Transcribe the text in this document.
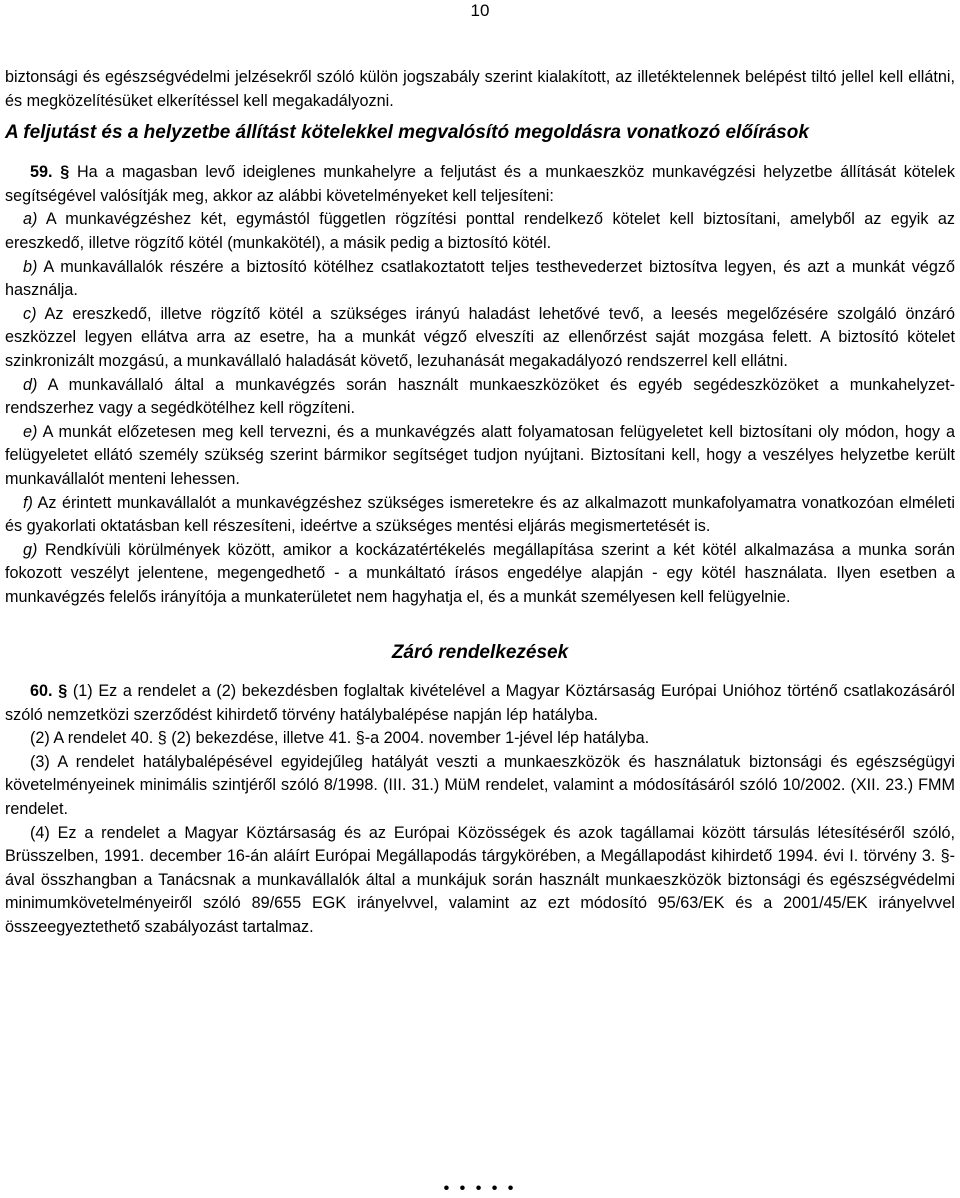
10

biztonsági és egészségvédelmi jelzésekről szóló külön jogszabály szerint kialakított, az illetéktelennek belépést tiltó jellel kell ellátni, és megközelítésüket elkerítéssel kell megakadályozni.

A feljutást és a helyzetbe állítást kötelekkel megvalósító megoldásra vonatkozó előírások

59. § Ha a magasban levő ideiglenes munkahelyre a feljutást és a munkaeszköz munkavégzési helyzetbe állítását kötelek segítségével valósítják meg, akkor az alábbi követelményeket kell teljesíteni:

a) A munkavégzéshez két, egymástól független rögzítési ponttal rendelkező kötelet kell biztosítani, amelyből az egyik az ereszkedő, illetve rögzítő kötél (munkakötél), a másik pedig a biztosító kötél.

b) A munkavállalók részére a biztosító kötélhez csatlakoztatott teljes testhevederzet biztosítva legyen, és azt a munkát végző használja.

c) Az ereszkedő, illetve rögzítő kötél a szükséges irányú haladást lehetővé tevő, a leesés megelőzésére szolgáló önzáró eszközzel legyen ellátva arra az esetre, ha a munkát végző elveszíti az ellenőrzést saját mozgása felett. A biztosító kötelet szinkronizált mozgású, a munkavállaló haladását követő, lezuhanását megakadályozó rendszerrel kell ellátni.

d) A munkavállaló által a munkavégzés során használt munkaeszközöket és egyéb segédeszközöket a munkahelyzet-rendszerhez vagy a segédkötélhez kell rögzíteni.

e) A munkát előzetesen meg kell tervezni, és a munkavégzés alatt folyamatosan felügyeletet kell biztosítani oly módon, hogy a felügyeletet ellátó személy szükség szerint bármikor segítséget tudjon nyújtani. Biztosítani kell, hogy a veszélyes helyzetbe került munkavállalót menteni lehessen.

f) Az érintett munkavállalót a munkavégzéshez szükséges ismeretekre és az alkalmazott munkafolyamatra vonatkozóan elméleti és gyakorlati oktatásban kell részesíteni, ideértve a szükséges mentési eljárás megismertetését is.

g) Rendkívüli körülmények között, amikor a kockázatértékelés megállapítása szerint a két kötél alkalmazása a munka során fokozott veszélyt jelentene, megengedhető - a munkáltató írásos engedélye alapján - egy kötél használata. Ilyen esetben a munkavégzés felelős irányítója a munkaterületet nem hagyhatja el, és a munkát személyesen kell felügyelnie.

Záró rendelkezések

60. § (1) Ez a rendelet a (2) bekezdésben foglaltak kivételével a Magyar Köztársaság Európai Unióhoz történő csatlakozásáról szóló nemzetközi szerződést kihirdető törvény hatálybalépése napján lép hatályba.

(2) A rendelet 40. § (2) bekezdése, illetve 41. §-a 2004. november 1-jével lép hatályba.

(3) A rendelet hatálybalépésével egyidejűleg hatályát veszti a munkaeszközök és használatuk biztonsági és egészségügyi követelményeinek minimális szintjéről szóló 8/1998. (III. 31.) MüM rendelet, valamint a módosításáról szóló 10/2002. (XII. 23.) FMM rendelet.

(4) Ez a rendelet a Magyar Köztársaság és az Európai Közösségek és azok tagállamai között társulás létesítéséről szóló, Brüsszelben, 1991. december 16-án aláírt Európai Megállapodás tárgykörében, a Megállapodást kihirdető 1994. évi I. törvény 3. §-ával összhangban a Tanácsnak a munkavállalók által a munkájuk során használt munkaeszközök biztonsági és egészségvédelmi minimumkövetelményeiről szóló 89/655 EGK irányelvvel, valamint az ezt módosító 95/63/EK és a 2001/45/EK irányelvvel összeegyeztethető szabályozást tartalmaz.

• • • • •
